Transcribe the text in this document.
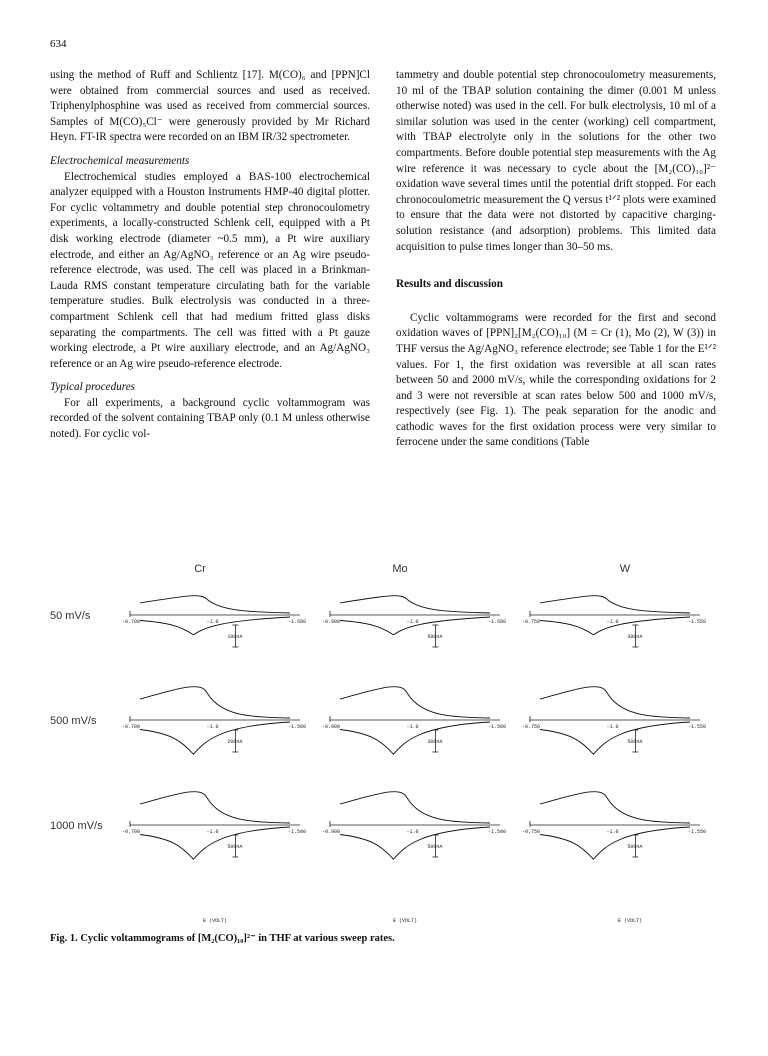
634

using the method of Ruff and Schlientz [17]. M(CO)₆ and [PPN]Cl were obtained from commercial sources and used as received. Triphenylphosphine was used as received from commercial sources. Samples of M(CO)₅Cl⁻ were generously provided by Mr Richard Heyn. FT-IR spectra were recorded on an IBM IR/32 spectrometer.

Electrochemical measurements

Electrochemical studies employed a BAS-100 electrochemical analyzer equipped with a Houston Instruments HMP-40 digital plotter. For cyclic voltammetry and double potential step chronocoulometry experiments, a locally-constructed Schlenk cell, equipped with a Pt disk working electrode (diameter ~0.5 mm), a Pt wire auxiliary electrode, and either an Ag/AgNO₃ reference or an Ag wire pseudo-reference electrode, was used. The cell was placed in a Brinkman-Lauda RMS constant temperature circulating bath for the variable temperature studies. Bulk electrolysis was conducted in a three-compartment Schlenk cell that had medium fritted glass disks separating the compartments. The cell was fitted with a Pt gauze working electrode, a Pt wire auxiliary electrode, and an Ag/AgNO₃ reference or an Ag wire pseudo-reference electrode.

Typical procedures

For all experiments, a background cyclic voltammogram was recorded of the solvent containing TBAP only (0.1 M unless otherwise noted). For cyclic vol-

tammetry and double potential step chronocoulometry measurements, 10 ml of the TBAP solution containing the dimer (0.001 M unless otherwise noted) was used in the cell. For bulk electrolysis, 10 ml of a similar solution was used in the center (working) cell compartment, with TBAP electrolyte only in the solutions for the other two compartments. Before double potential step measurements with the Ag wire reference it was necessary to cycle about the [M₂(CO)₁₀]²⁻ oxidation wave several times until the potential drift stopped. For each chronocoulometric measurement the Q versus t¹ᐟ² plots were examined to ensure that the data were not distorted by capacitive charging-solution resistance (and adsorption) problems. This limited data acquisition to pulse times longer than 30–50 ms.

Results and discussion

Cyclic voltammograms were recorded for the first and second oxidation waves of [PPN]₂[M₂(CO)₁₀] (M = Cr (1), Mo (2), W (3)) in THF versus the Ag/AgNO₃ reference electrode; see Table 1 for the E¹ᐟ² values. For 1, the first oxidation was reversible at all scan rates between 50 and 2000 mV/s, while the corresponding oxidations for 2 and 3 were not reversible at scan rates below 500 and 1000 mV/s, respectively (see Fig. 1). The peak separation for the anodic and cathodic waves for the first oxidation process were very similar to ferrocene under the same conditions (Table

Cr	Mo	W
50 mV/s
500 mV/s
1000 mV/s
-0.700	-1.0	-1.500
100nA
-0.900	-1.0	-1.500
500nA
-0.750	-1.0	-1.550
300nA
-0.700	-1.0	-1.500
200nA
-0.900	-1.0	-1.500
300nA
-0.750	-1.0	-1.550
500nA
-0.700	-1.0	-1.500
500nA
-0.900	-1.0	-1.500
500nA
-0.750	-1.0	-1.550
500nA
E (VOLT)	E (VOLT)	E (VOLT)
Fig. 1. Cyclic voltammograms of [M₂(CO)₁₀]²⁻ in THF at various sweep rates.
